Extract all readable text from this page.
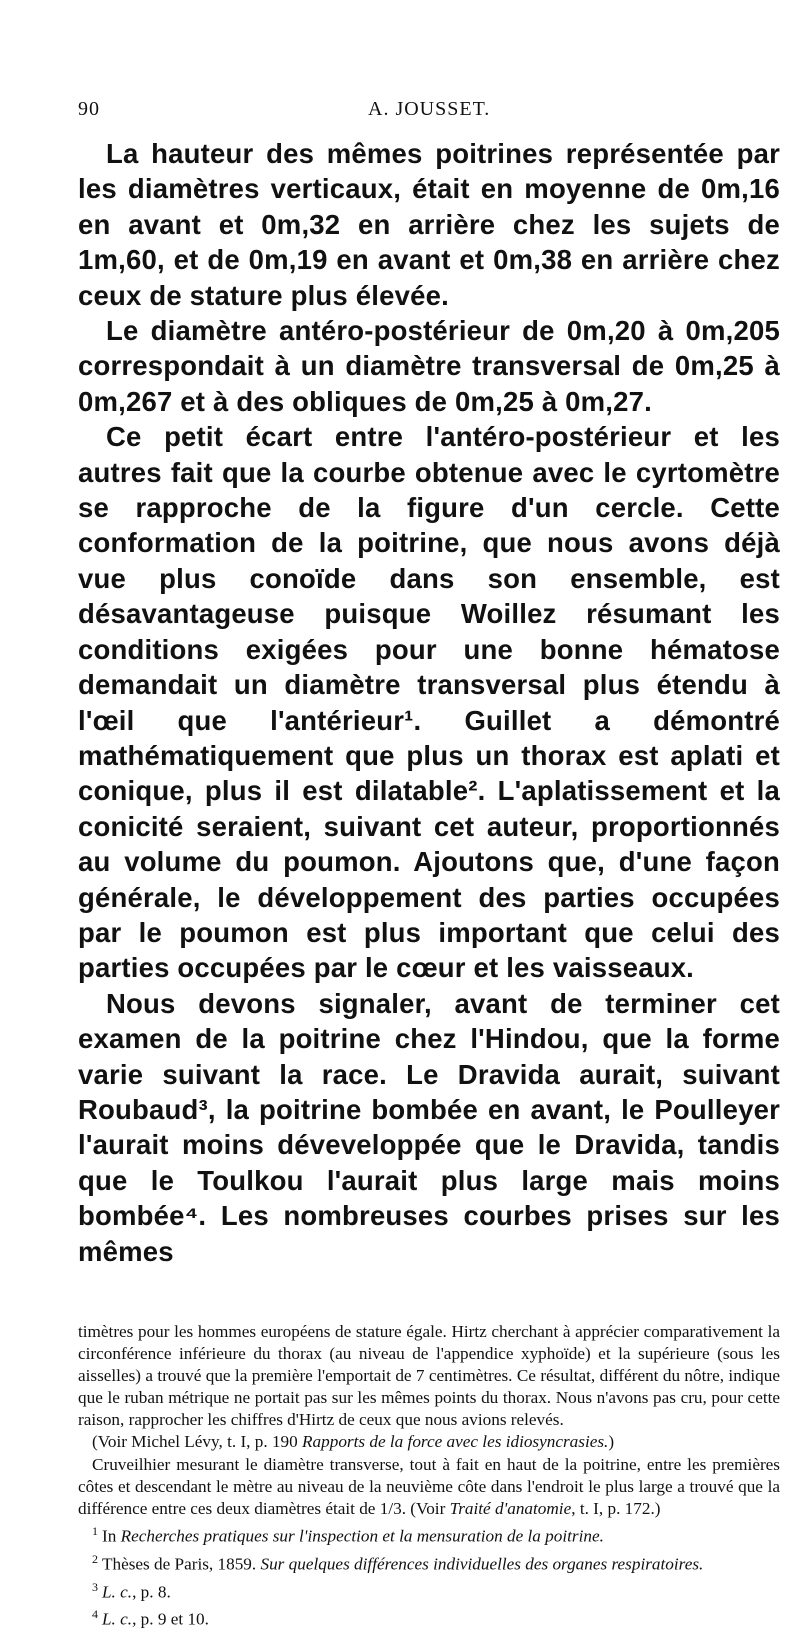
90	A. JOUSSET.

La hauteur des mêmes poitrines représentée par les diamètres verticaux, était en moyenne de 0m,16 en avant et 0m,32 en arrière chez les sujets de 1m,60, et de 0m,19 en avant et 0m,38 en arrière chez ceux de stature plus élevée.

Le diamètre antéro-postérieur de 0m,20 à 0m,205 correspondait à un diamètre transversal de 0m,25 à 0m,267 et à des obliques de 0m,25 à 0m,27.

Ce petit écart entre l'antéro-postérieur et les autres fait que la courbe obtenue avec le cyrtomètre se rapproche de la figure d'un cercle. Cette conformation de la poitrine, que nous avons déjà vue plus conoïde dans son ensemble, est désavantageuse puisque Woillez résumant les conditions exigées pour une bonne hématose demandait un diamètre transversal plus étendu à l'œil que l'antérieur¹. Guillet a démontré mathématiquement que plus un thorax est aplati et conique, plus il est dilatable². L'aplatissement et la conicité seraient, suivant cet auteur, proportionnés au volume du poumon. Ajoutons que, d'une façon générale, le développement des parties occupées par le poumon est plus important que celui des parties occupées par le cœur et les vaisseaux.

Nous devons signaler, avant de terminer cet examen de la poitrine chez l'Hindou, que la forme varie suivant la race. Le Dravida aurait, suivant Roubaud³, la poitrine bombée en avant, le Poulleyer l'aurait moins déveveloppée que le Dravida, tandis que le Toulkou l'aurait plus large mais moins bombée⁴. Les nombreuses courbes prises sur les mêmes

timètres pour les hommes européens de stature égale. Hirtz cherchant à apprécier comparativement la circonférence inférieure du thorax (au niveau de l'appendice xyphoïde) et la supérieure (sous les aisselles) a trouvé que la première l'emportait de 7 centimètres. Ce résultat, différent du nôtre, indique que le ruban métrique ne portait pas sur les mêmes points du thorax. Nous n'avons pas cru, pour cette raison, rapprocher les chiffres d'Hirtz de ceux que nous avions relevés.

(Voir Michel Lévy, t. I, p. 190 Rapports de la force avec les idiosyncrasies.)

Cruveilhier mesurant le diamètre transverse, tout à fait en haut de la poitrine, entre les premières côtes et descendant le mètre au niveau de la neuvième côte dans l'endroit le plus large a trouvé que la différence entre ces deux diamètres était de 1/3. (Voir Traité d'anatomie, t. I, p. 172.)

$^1$ In Recherches pratiques sur l'inspection et la mensuration de la poitrine.

$^2$ Thèses de Paris, 1859. Sur quelques différences individuelles des organes respiratoires.

$^3$ L. c., p. 8.

$^4$ L. c., p. 9 et 10.
